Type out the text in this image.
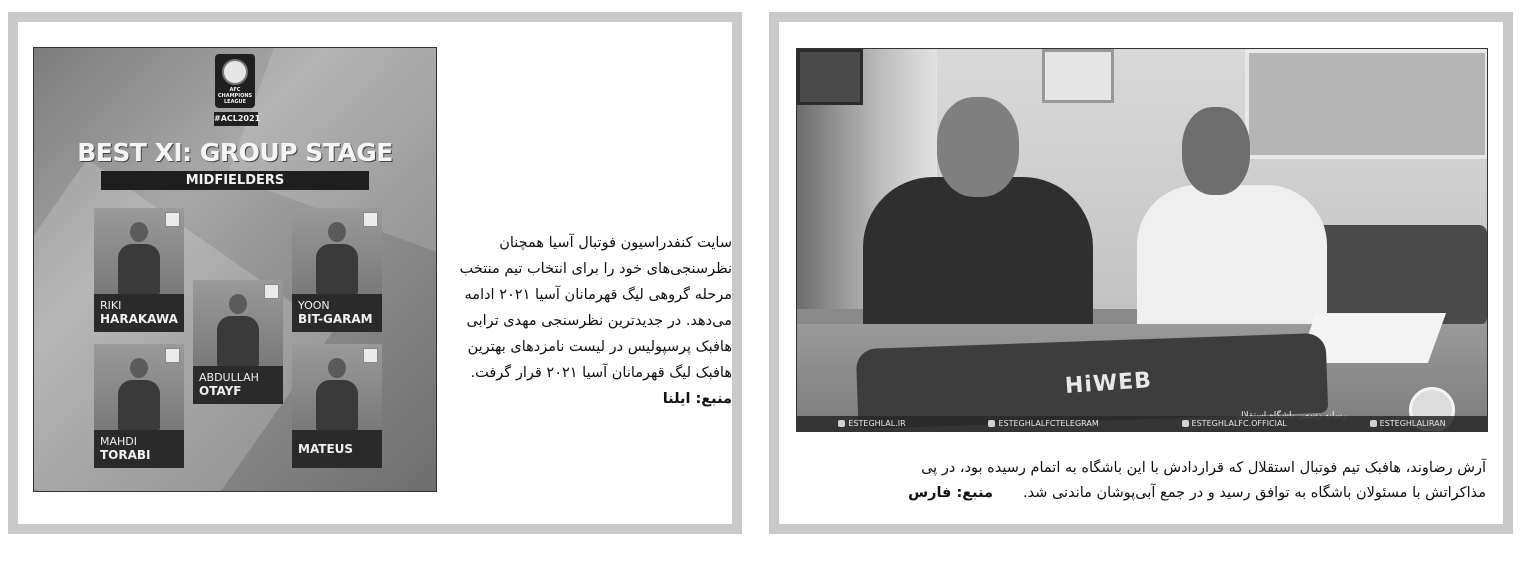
AFC
CHAMPIONS
LEAGUE
#ACL2021
BEST XI: GROUP STAGE
MIDFIELDERS
RIKI
HARAKAWA
YOON
BIT-GARAM
ABDULLAH
OTAYF
MAHDI
TORABI	MATEUS

سایت کنفدراسیون فوتبال آسیا همچنان نظرسنجی‌های خود را برای انتخاب تیم منتخب مرحله گروهی لیگ قهرمانان آسیا ۲۰۲۱ ادامه می‌دهد. در جدیدترین نظرسنجی مهدی ترابی هافبک پرسپولیس در لیست نامزدهای بهترین هافبک لیگ قهرمانان آسیا ۲۰۲۱ قرار گرفت.

منبع: ایلنا	HiWEB
ESTEGHLAL.IR	ESTEGHLALFCTELEGRAM	ESTEGHLALFC.OFFICIAL	ESTEGHLALIRAN

آرش رضاوند، هافبک تیم فوتبال استقلال که قراردادش با این باشگاه به اتمام رسیده بود، در پی

مذاکراتش با مسئولان باشگاه به توافق رسید و در جمع آبی‌پوشان ماندنی شد.منبع: فارس
